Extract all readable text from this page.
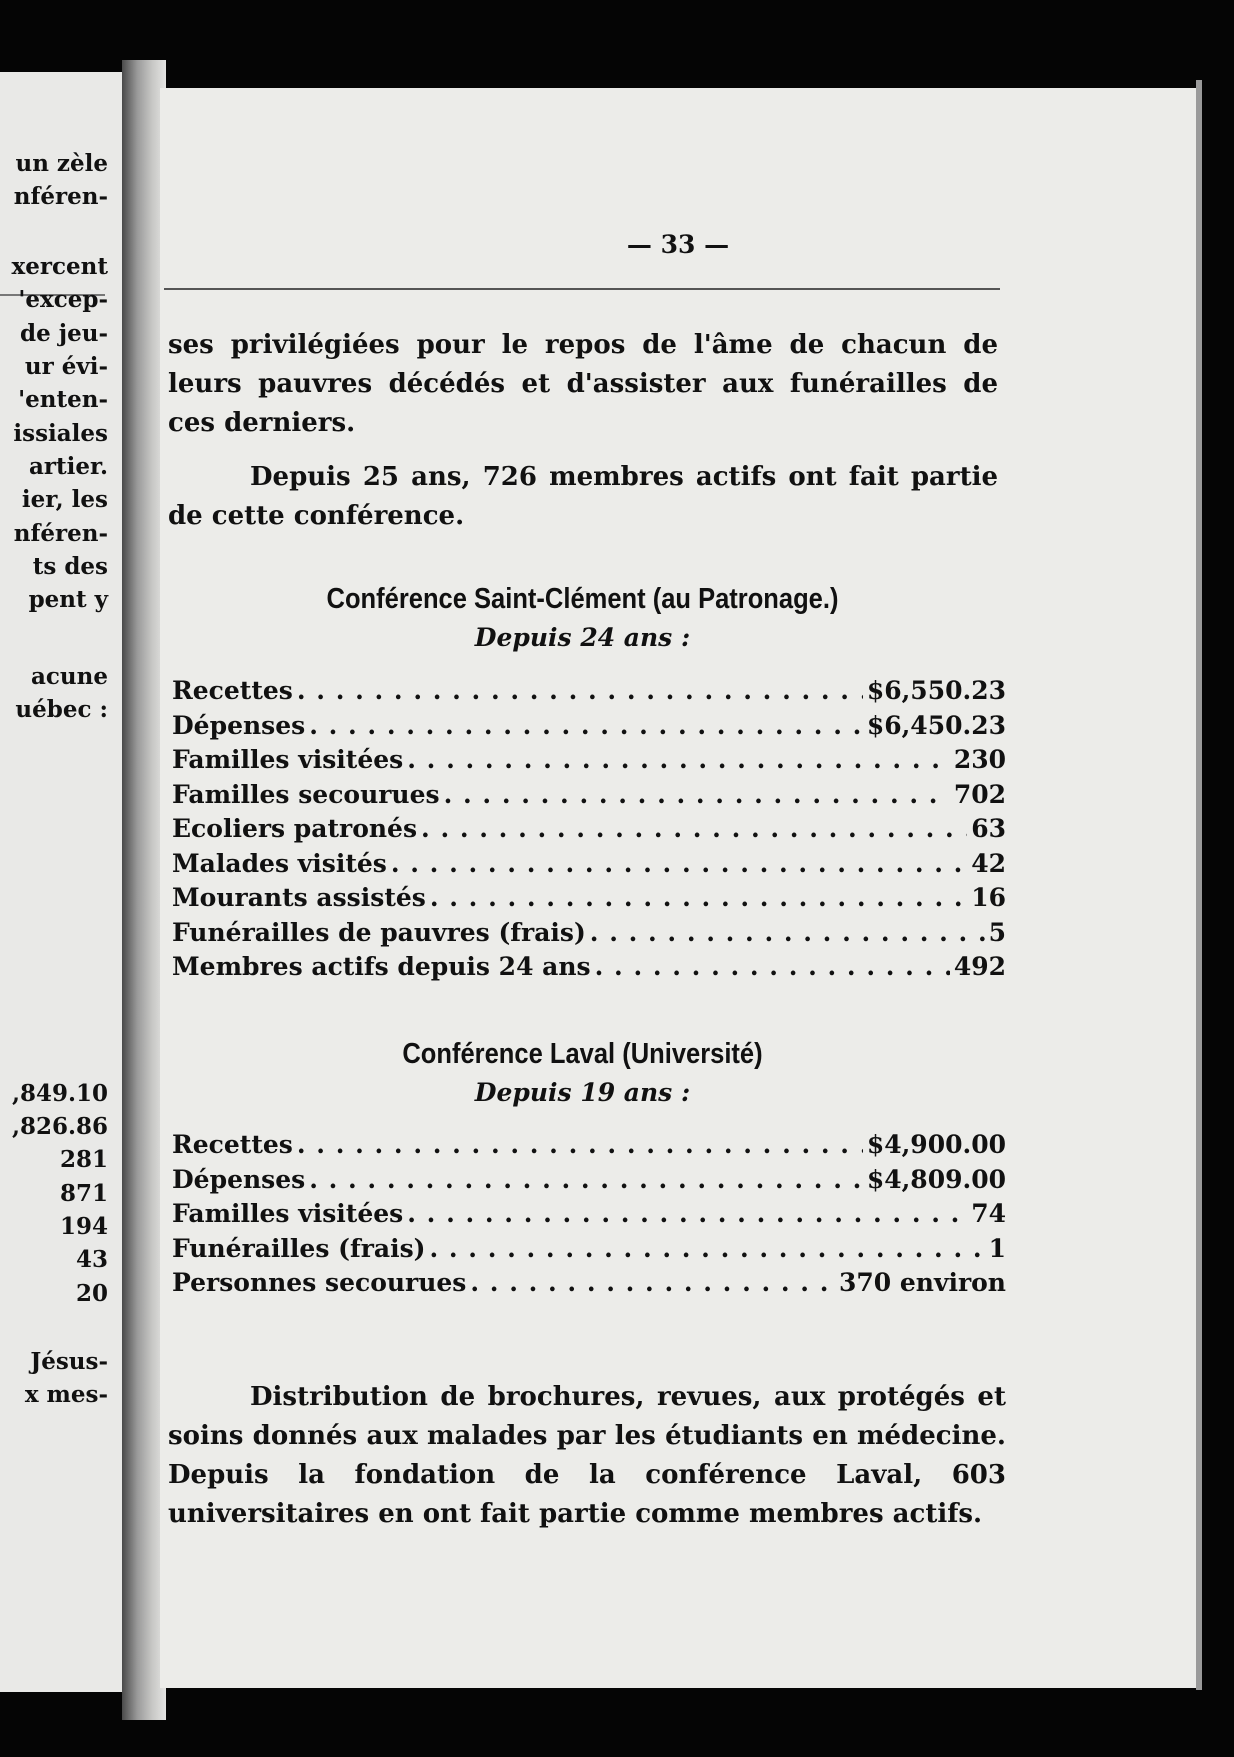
un zèle
nféren-
xercent
'excep-
de jeu-
ur évi-
'enten-
issiales
artier.
ier, les
nféren-
ts des
pent y
acune
uébec :
,849.10
,826.86
281
871
194
43
20
Jésus-
x mes-
— 33 —

ses privilégiées pour le repos de l'âme de chacun de leurs pauvres décédés et d'assister aux funérailles de ces derniers.

Depuis 25 ans, 726 membres actifs ont fait partie de cette conférence.

Conférence Saint-Clément (au Patronage.)
Depuis 24 ans :
Recettes . . .	$6,550.23
Dépenses . . .	$6,450.23
Familles visitées . . .	230
Familles secourues . . .	702
Ecoliers patronés . . .	63
Malades visités . . .	42
Mourants assistés . . .	16
Funérailles de pauvres (frais) . . .	5
Membres actifs depuis 24 ans . . .	492
Conférence Laval (Université)
Depuis 19 ans :
Recettes . . .	$4,900.00
Dépenses . . .	$4,809.00
Familles visitées . . .	74
Funérailles (frais) . . .	1
Personnes secourues . . .	370 environ

Distribution de brochures, revues, aux protégés et soins donnés aux malades par les étudiants en médecine. Depuis la fondation de la conférence Laval, 603 universitaires en ont fait partie comme membres actifs.
